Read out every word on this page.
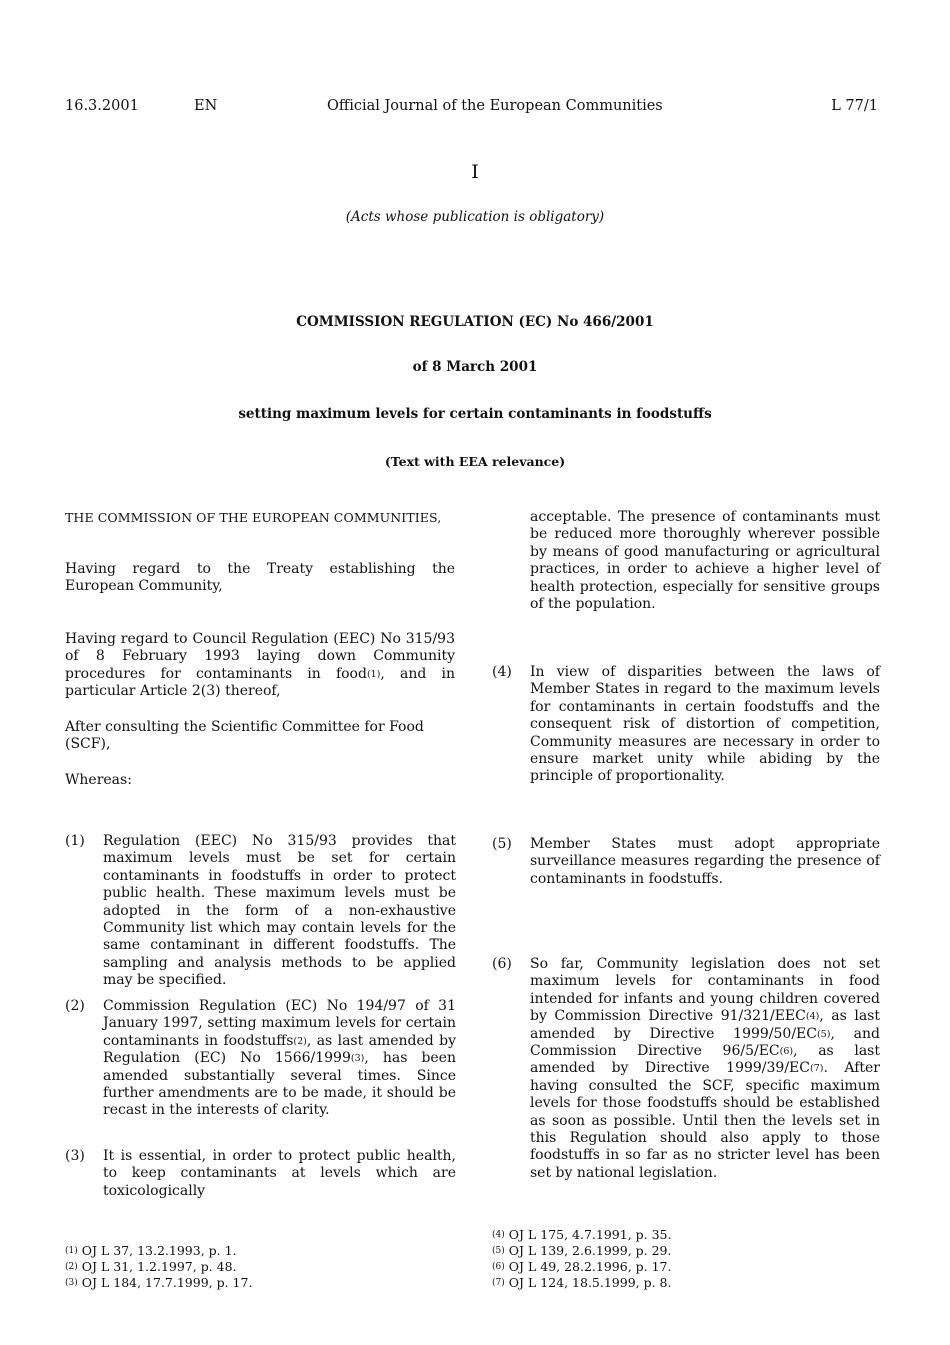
16.3.2001	EN	Official Journal of the European Communities	L 77/1
I
(Acts whose publication is obligatory)
COMMISSION REGULATION (EC) No 466/2001
of 8 March 2001
setting maximum levels for certain contaminants in foodstuffs
(Text with EEA relevance)
THE COMMISSION OF THE EUROPEAN COMMUNITIES,
Having regard to the Treaty establishing the European Community,
Having regard to Council Regulation (EEC) No 315/93 of 8 February 1993 laying down Community procedures for contaminants in food(1), and in particular Article 2(3) thereof,
After consulting the Scientific Committee for Food (SCF),
Whereas:
(1)	Regulation (EEC) No 315/93 provides that maximum levels must be set for certain contaminants in foodstuffs in order to protect public health. These maximum levels must be adopted in the form of a non-exhaustive Community list which may contain levels for the same contaminant in different foodstuffs. The sampling and analysis methods to be applied may be specified.
(2)	Commission Regulation (EC) No 194/97 of 31 January 1997, setting maximum levels for certain contaminants in foodstuffs(2), as last amended by Regulation (EC) No 1566/1999(3), has been amended substantially several times. Since further amendments are to be made, it should be recast in the interests of clarity.
(3)	It is essential, in order to protect public health, to keep contaminants at levels which are toxicologically
acceptable. The presence of contaminants must be reduced more thoroughly wherever possible by means of good manufacturing or agricultural practices, in order to achieve a higher level of health protection, especially for sensitive groups of the population.
(4)	In view of disparities between the laws of Member States in regard to the maximum levels for contaminants in certain foodstuffs and the consequent risk of distortion of competition, Community measures are necessary in order to ensure market unity while abiding by the principle of proportionality.
(5)	Member States must adopt appropriate surveillance measures regarding the presence of contaminants in foodstuffs.
(6)	So far, Community legislation does not set maximum levels for contaminants in food intended for infants and young children covered by Commission Directive 91/321/EEC(4), as last amended by Directive 1999/50/EC(5), and Commission Directive 96/5/EC(6), as last amended by Directive 1999/39/EC(7). After having consulted the SCF, specific maximum levels for those foodstuffs should be established as soon as possible. Until then the levels set in this Regulation should also apply to those foodstuffs in so far as no stricter level has been set by national legislation.
$^{(1)}$ OJ L 37, 13.2.1993, p. 1.
$^{(2)}$ OJ L 31, 1.2.1997, p. 48.
$^{(3)}$ OJ L 184, 17.7.1999, p. 17.
$^{(4)}$ OJ L 175, 4.7.1991, p. 35.
$^{(5)}$ OJ L 139, 2.6.1999, p. 29.
$^{(6)}$ OJ L 49, 28.2.1996, p. 17.
$^{(7)}$ OJ L 124, 18.5.1999, p. 8.
